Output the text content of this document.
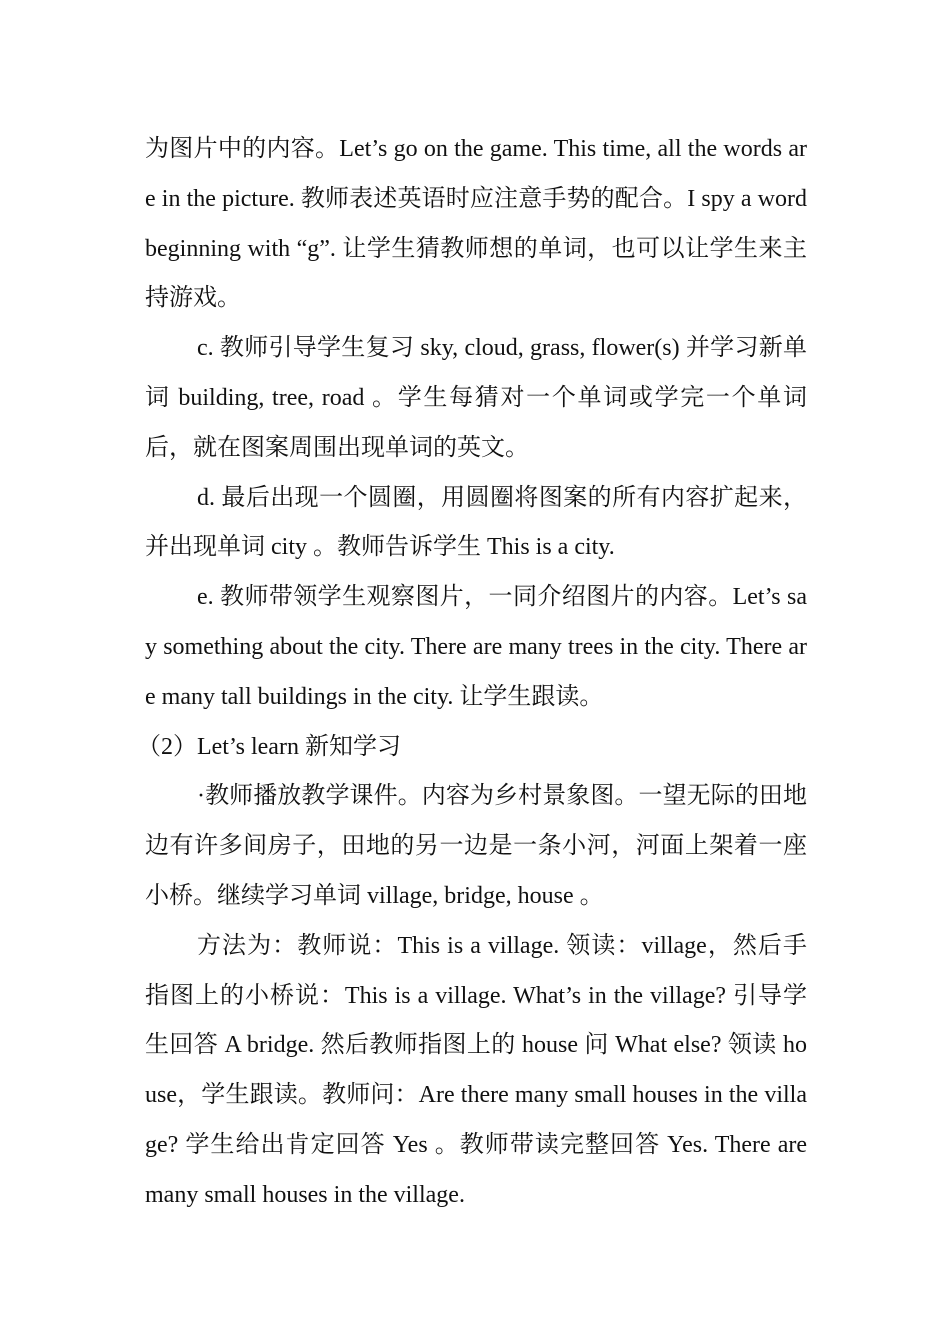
为图片中的内容。Let’s go on the game. This time, all the words are in the picture. 教师表述英语时应注意手势的配合。I spy a word beginning with “g”. 让学生猜教师想的单词，也可以让学生来主持游戏。

c. 教师引导学生复习 sky, cloud, grass, flower(s) 并学习新单词 building, tree, road 。学生每猜对一个单词或学完一个单词后，就在图案周围出现单词的英文。

d. 最后出现一个圆圈，用圆圈将图案的所有内容扩起来，并出现单词 city 。教师告诉学生 This is a city.

e. 教师带领学生观察图片，一同介绍图片的内容。Let’s say something about the city. There are many trees in the city. There are many tall buildings in the city. 让学生跟读。

（2）Let’s learn 新知学习

·教师播放教学课件。内容为乡村景象图。一望无际的田地边有许多间房子，田地的另一边是一条小河，河面上架着一座小桥。继续学习单词 village, bridge, house 。

方法为：教师说：This is a village. 领读：village，然后手指图上的小桥说：This is a village. What’s in the village? 引导学生回答 A bridge. 然后教师指图上的 house 问 What else? 领读 house，学生跟读。教师问：Are there many small houses in the village? 学生给出肯定回答 Yes 。教师带读完整回答 Yes. There are many small houses in the village.
